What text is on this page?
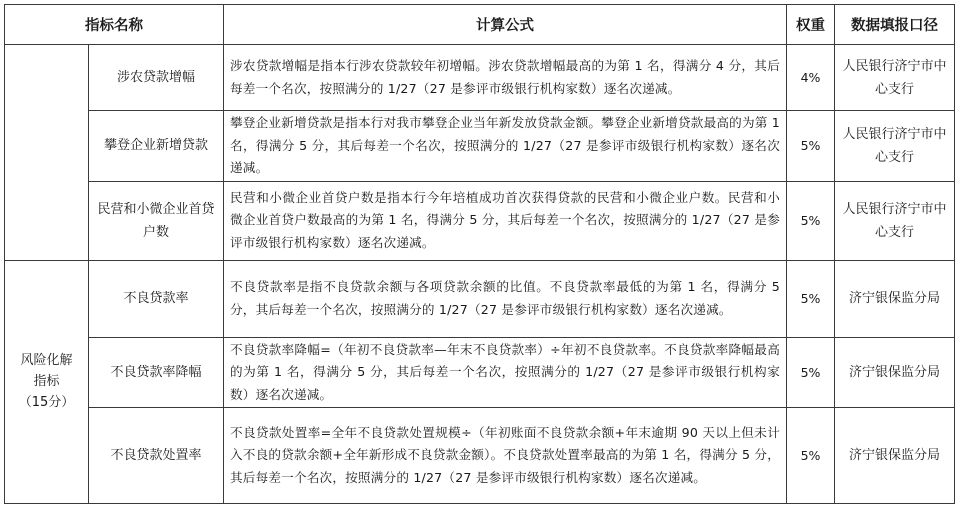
指标名称		计算公式	权重	数据填报口径
	涉农贷款增幅	涉农贷款增幅是指本行涉农贷款较年初增幅。涉农贷款增幅最高的为第 1 名，得满分 4 分，其后每差一个名次，按照满分的 1/27（27 是参评市级银行机构家数）逐名次递减。	4%	人民银行济宁市中心支行
	攀登企业新增贷款	攀登企业新增贷款是指本行对我市攀登企业当年新发放贷款金额。攀登企业新增贷款最高的为第 1 名，得满分 5 分，其后每差一个名次，按照满分的 1/27（27 是参评市级银行机构家数）逐名次递减。	5%	人民银行济宁市中心支行
	民营和小微企业首贷户数	民营和小微企业首贷户数是指本行今年培植成功首次获得贷款的民营和小微企业户数。民营和小微企业首贷户数最高的为第 1 名，得满分 5 分，其后每差一个名次，按照满分的 1/27（27 是参评市级银行机构家数）逐名次递减。	5%	人民银行济宁市中心支行

风险化解
指标
（15分）	不良贷款率	不良贷款率是指不良贷款余额与各项贷款余额的比值。不良贷款率最低的为第 1 名，得满分 5 分，其后每差一个名次，按照满分的 1/27（27 是参评市级银行机构家数）逐名次递减。	5%	济宁银保监分局
	不良贷款率降幅	不良贷款率降幅=（年初不良贷款率—年末不良贷款率）÷年初不良贷款率。不良贷款率降幅最高的为第 1 名，得满分 5 分，其后每差一个名次，按照满分的 1/27（27 是参评市级银行机构家数）逐名次递减。	5%	济宁银保监分局
	不良贷款处置率	不良贷款处置率=全年不良贷款处置规模÷（年初账面不良贷款余额+年末逾期 90 天以上但未计入不良的贷款余额+全年新形成不良贷款金额）。不良贷款处置率最高的为第 1 名，得满分 5 分，其后每差一个名次，按照满分的 1/27（27 是参评市级银行机构家数）逐名次递减。	5%	济宁银保监分局
